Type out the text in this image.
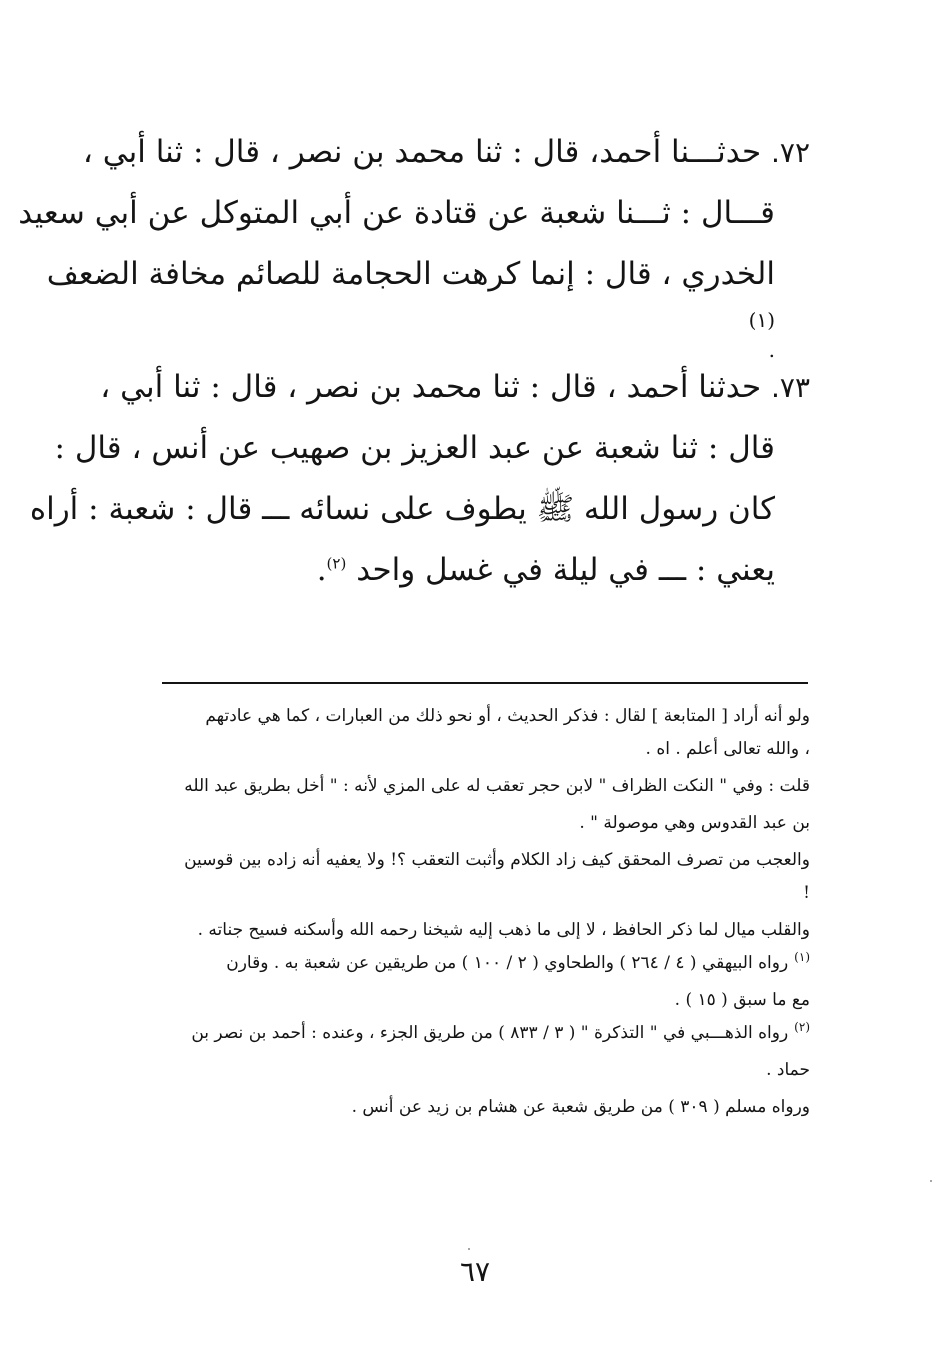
٧٢. حدثـــنا أحمد، قال : ثنا محمد بن نصر ، قال : ثنا أبي ،
قـــال : ثـــنا شعبة عن قتادة عن أبي المتوكل عن أبي سعيد
الخدري ، قال : إنما كرهت الحجامة للصائم مخافة الضعف
(١)
.
٧٣. حدثنا أحمد ، قال : ثنا محمد بن نصر ، قال : ثنا أبي ،
قال : ثنا شعبة عن عبد العزيز بن صهيب عن أنس ، قال :
كان رسول الله ﷺ يطوف على نسائه ـــ قال : شعبة : أراه
يعني : ـــ في ليلة في غسل واحد $^{(٢)}$.
ولو أنه أراد [ المتابعة ] لقال : فذكر الحديث ، أو نحو ذلك من العبارات ، كما هي عادتهم
، والله تعالى أعلم . اه .
قلت : وفي " النكت الظراف " لابن حجر تعقب له على المزي لأنه : " أخل بطريق عبد الله
بن عبد القدوس وهي موصولة " .
والعجب من تصرف المحقق كيف زاد الكلام وأثبت التعقب ؟! ولا يعفيه أنه زاده بين قوسين
!
والقلب ميال لما ذكر الحافظ ، لا إلى ما ذهب إليه شيخنا رحمه الله وأسكنه فسيح جناته .
$^{(١)}$رواه البيهقي ( ٤ / ٢٦٤ ) والطحاوي ( ٢ / ١٠٠ ) من طريقين عن شعبة به . وقارن
مع ما سبق ( ١٥ ) .
$^{(٢)}$رواه الذهـــبي في " التذكرة " ( ٣ / ٨٣٣ ) من طريق الجزء ، وعنده : أحمد بن نصر بن
حماد .
ورواه مسلم ( ٣٠٩ ) من طريق شعبة عن هشام بن زيد عن أنس .
٦٧
